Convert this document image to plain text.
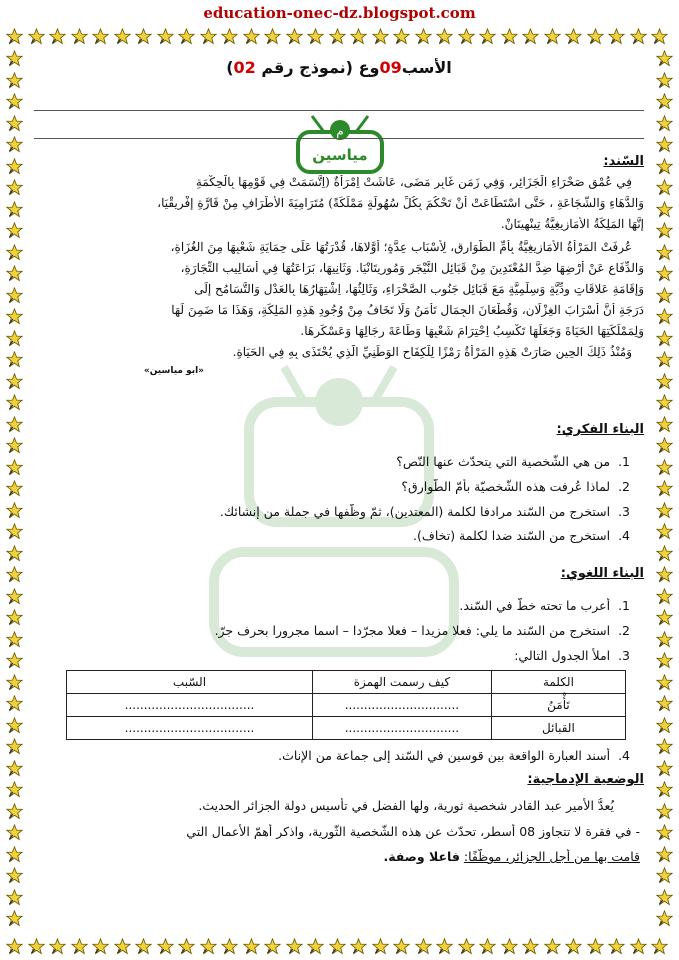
education-onec-dz.blogspot.com
الأسب09وع (نموذج رقم 02)
م
مياسين	السّند:
فِي عُمْقِ صَحْرَاءِ الْجَزَائِرِ، وَفِي زَمَنٍ غَابِرٍ مَضَى، عَاشَتْ اِمْرَأَةٌ (اِتَّسَمَتْ فِي قَوْمِهَا بِالْحِكْمَةِ
وَالدَّهَاءِ وَالشَّجَاعَةِ ، حَتَّى اسْتَطَاعَتْ أَنْ تَحْكُمَ بِكُلِّ سُهُولَةٍ مَمْلَكَةً) مُتَرَامِيَةَ الأَطْرَافِ مِنْ قَارَّةِ إِفْرِيقْيَا،
إِنَّهَا المَلِكَةُ الأَمَازِيغِيَّةُ تِينْهِينَانْ.
عُرِفَتْ المَرْأَةُ الأَمَازِيغِيَّةُ بِأُمِّ الطَّوَارِقِ، لِأَسْبَابٍ عِدَّةٍ؛ أَوَّلاهَا، قُدْرَتُهَا عَلَى حِمَايَةِ شَعْبِهَا مِنَ الغُزَاةِ،
وَالدِّفَاعِ عَنْ أَرْضِهَا ضِدَّ المُعْتَدِينَ مِنْ قَبَائِلِ النَّيْجَرِ وَمُورِيتَانْيَا. وَثَانِيهَا، بَرَاعَتُهَا فِي أَسَالِيبِ التِّجَارَةِ،
وَإِقَامَةِ عَلاقَاتٍ وِدِّيَّةٍ وَسِلْمِيَّةٍ مَعَ قَبَائِلِ جَنُوبِ الصَّحْرَاءِ، وَثَالِثُهَا، اِشْتِهَارُهَا بِالعَدْلِ وَالتَّسَامُحِ إِلَى
دَرَجَةِ أَنَّ أَسْرَابَ الغِزْلَانِ، وَقُطْعَانَ الجِمَالِ تَأْمَنُ وَلَا تَخَافُ مِنْ وُجُودِ هَذِهِ المَلِكَةِ، وَهَذَا مَا ضَمِنَ لَهَا
وَلِمَمْلَكَتِهَا الحَيَاةَ وَجَعَلَهَا تَكْسِبُ اِحْتِرَامَ شَعْبِهَا وَطَاعَةَ رِجَالِهَا وَعَسْكَرِهَا.
وَمُنْذُ ذَلِكَ الحِينِ صَارَتْ هَذِهِ المَرْأَةُ رَمْزًا لِلْكِفَاحِ الوَطَنِيِّ الَّذِي يُحْتَذَى بِهِ فِي الحَيَاةِ.
«أبو مياسين»
البناء الفكري:
1.  من هي الشّخصية التي يتحدّث عنها النّص؟
2.  لماذا عُرفت هذه الشّخصيّة بأمّ الطّوارق؟
3.  استخرج من السّند مرادفا لكلمة (المعتدين)، ثمّ وظّفها في جملة من إنشائك.
4.  استخرج من السّند ضدا لكلمة (تخاف).
البناء اللّغوي:
1.  أعرب ما تحته خطّ في السّند.
2.  استخرج من السّند ما يلي: فعلا مزيدا – فعلا مجرّدا – اسما مجرورا بحرف جرّ.
3.  املأ الجدول التالي:
الكلمة	كيف رسمت الهمزة	السّبب
تَأْمَنُ	..............................	..................................
القبائل	..............................	..................................
4.  أسند العبارة الواقعة بين قوسين في السّند إلى جماعة من الإناث.
الوضعية الإدماجية:
يُعدُّ الأمير عبد القادر شخصية ثورية، ولها الفضل في تأسيس دولة الجزائر الحديث.
- في فقرة لا تتجاوز 08 أسطر، تحدّث عن هذه الشّخصية الثّورية، واذكر أهمّ الأعمال التي
قامت بها من أجل الجزائر، موظّفًا: فاعلا وصفة.
